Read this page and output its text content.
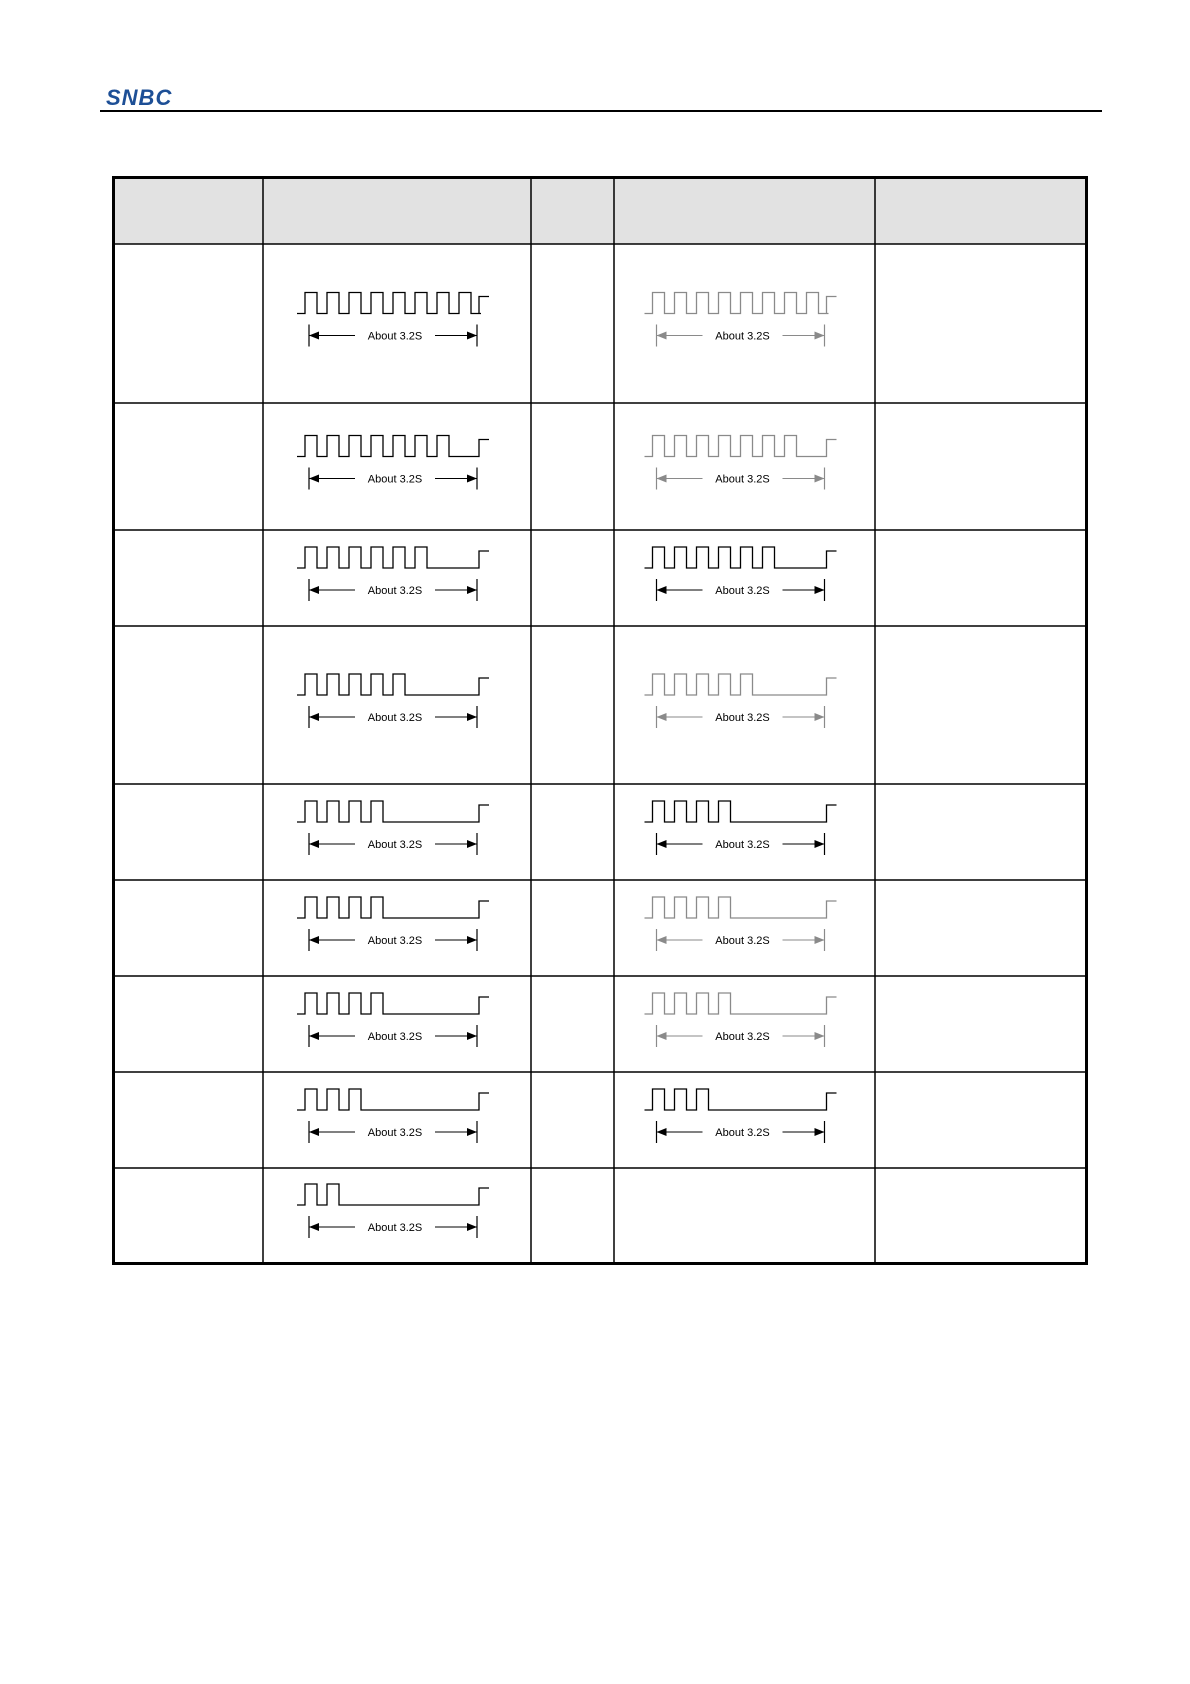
SNBC
About 3.2S	About 3.2S
About 3.2S	About 3.2S
About 3.2S	About 3.2S
About 3.2S	About 3.2S
About 3.2S	About 3.2S
About 3.2S	About 3.2S
About 3.2S	About 3.2S
About 3.2S	About 3.2S
About 3.2S
